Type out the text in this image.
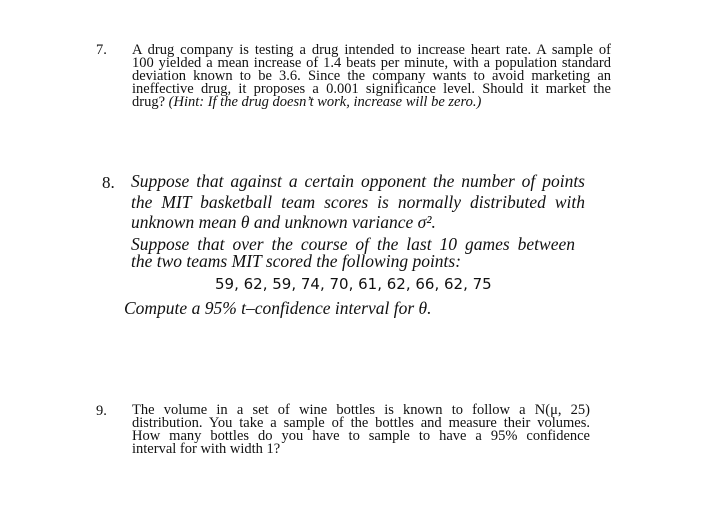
7. A drug company is testing a drug intended to increase heart rate. A sample of
100 yielded a mean increase of 1.4 beats per minute, with a population standard
deviation known to be 3.6. Since the company wants to avoid marketing an
ineffective drug, it proposes a 0.001 significance level. Should it market the
drug? (Hint: If the drug doesn’t work, increase will be zero.)
8. Suppose that against a certain opponent the number of points
the MIT basketball team scores is normally distributed with
unknown mean θ and unknown variance σ².
Suppose that over the course of the last 10 games between
the two teams MIT scored the following points:
59, 62, 59, 74, 70, 61, 62, 66, 62, 75
Compute a 95% t–confidence interval for θ.
9. The volume in a set of wine bottles is known to follow a N(μ, 25)
distribution. You take a sample of the bottles and measure their volumes.
How many bottles do you have to sample to have a 95% confidence
interval for with width 1?
